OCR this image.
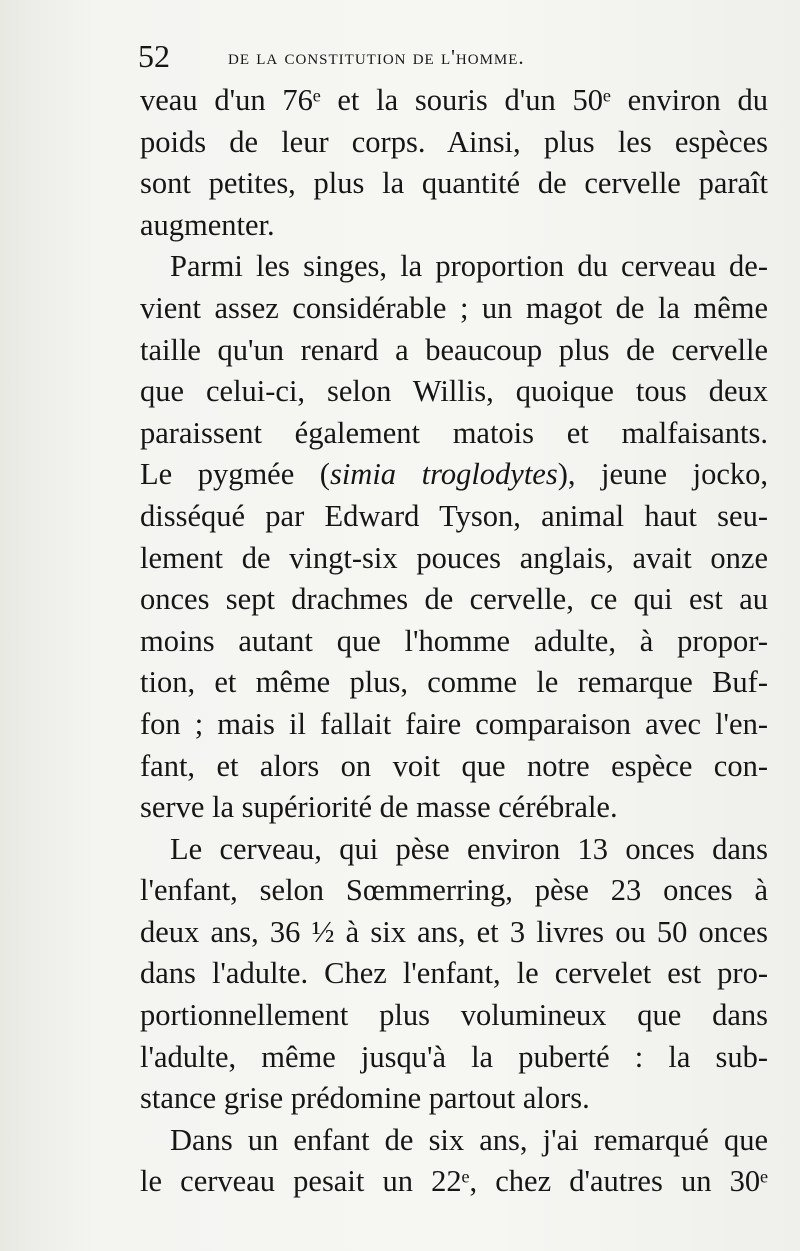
52	de la constitution de l'homme.
veau d'un 76ᵉ et la souris d'un 50ᵉ environ du
poids de leur corps. Ainsi, plus les espèces
sont petites, plus la quantité de cervelle paraît
augmenter.
Parmi les singes, la proportion du cerveau de-
vient assez considérable ; un magot de la même
taille qu'un renard a beaucoup plus de cervelle
que celui-ci, selon Willis, quoique tous deux
paraissent également matois et malfaisants.
Le pygmée (simia troglodytes), jeune jocko,
disséqué par Edward Tyson, animal haut seu-
lement de vingt-six pouces anglais, avait onze
onces sept drachmes de cervelle, ce qui est au
moins autant que l'homme adulte, à propor-
tion, et même plus, comme le remarque Buf-
fon ; mais il fallait faire comparaison avec l'en-
fant, et alors on voit que notre espèce con-
serve la supériorité de masse cérébrale.
Le cerveau, qui pèse environ 13 onces dans
l'enfant, selon Sœmmerring, pèse 23 onces à
deux ans, 36 ½ à six ans, et 3 livres ou 50 onces
dans l'adulte. Chez l'enfant, le cervelet est pro-
portionnellement plus volumineux que dans
l'adulte, même jusqu'à la puberté : la sub-
stance grise prédomine partout alors.
Dans un enfant de six ans, j'ai remarqué que
le cerveau pesait un 22ᵉ, chez d'autres un 30ᵉ
